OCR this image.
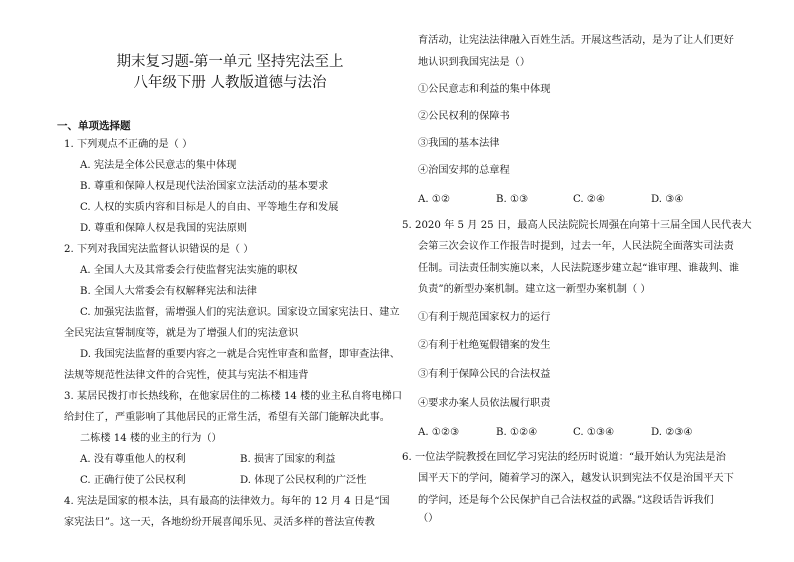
期末复习题-第一单元 坚持宪法至上
八年级下册 人教版道德与法治
一、单项选择题
1. 下列观点不正确的是（ ）
A. 宪法是全体公民意志的集中体现
B. 尊重和保障人权是现代法治国家立法活动的基本要求
C. 人权的实质内容和目标是人的自由、平等地生存和发展
D. 尊重和保障人权是我国的宪法原则
2. 下列对我国宪法监督认识错误的是（ ）
A. 全国人大及其常委会行使监督宪法实施的职权
B. 全国人大常委会有权解释宪法和法律
C. 加强宪法监督，需增强人们的宪法意识。国家设立国家宪法日、建立
全民宪法宣誓制度等，就是为了增强人们的宪法意识
D. 我国宪法监督的重要内容之一就是合宪性审查和监督，即审查法律、
法规等规范性法律文件的合宪性，使其与宪法不相违背
3. 某居民拨打市长热线称，在他家居住的二栋楼 14 楼的业主私自将电梯口
给封住了，严重影响了其他居民的正常生活，希望有关部门能解决此事。
二栋楼 14 楼的业主的行为（）
A. 没有尊重他人的权利	B. 损害了国家的利益
C. 正确行使了公民权利	D. 体现了公民权利的广泛性
4. 宪法是国家的根本法，具有最高的法律效力。每年的 12 月 4 日是“国
家宪法日”。这一天，各地纷纷开展喜闻乐见、灵活多样的普法宣传教
育活动，让宪法法律融入百姓生活。开展这些活动，是为了让人们更好
地认识到我国宪法是（）
①公民意志和利益的集中体现
②公民权利的保障书
③我国的基本法律
④治国安邦的总章程
A. ①②	B. ①③	C. ②④	D. ③④
5. 2020 年 5 月 25 日，最高人民法院院长周强在向第十三届全国人民代表大
会第三次会议作工作报告时提到，过去一年，人民法院全面落实司法责
任制。司法责任制实施以来，人民法院逐步建立起“谁审理、谁裁判、谁
负责”的新型办案机制。建立这一新型办案机制（ ）
①有利于规范国家权力的运行
②有利于杜绝冤假错案的发生
③有利于保障公民的合法权益
④要求办案人员依法履行职责
A. ①②③	B. ①②④	C. ①③④	D. ②③④
6. 一位法学院教授在回忆学习宪法的经历时说道：“最开始认为宪法是治
国平天下的学问，随着学习的深入，越发认识到宪法不仅是治国平天下
的学问，还是每个公民保护自己合法权益的武器。”这段话告诉我们
（）
